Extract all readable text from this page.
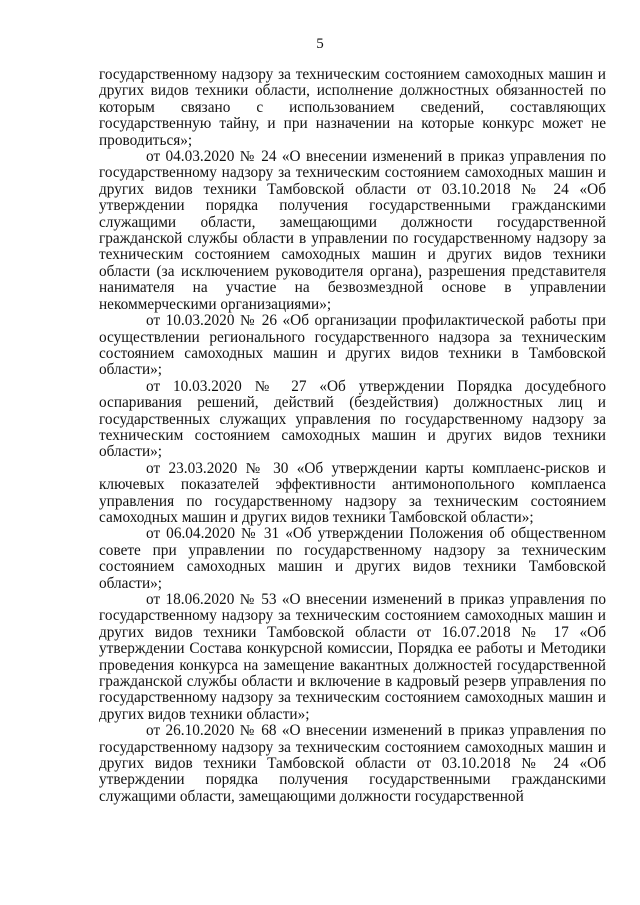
5

государственному надзору за техническим состоянием самоходных машин и других видов техники области, исполнение должностных обязанностей по которым связано с использованием сведений, составляющих государственную тайну, и при назначении на которые конкурс может не проводиться»;

от 04.03.2020 № 24 «О внесении изменений в приказ управления по государственному надзору за техническим состоянием самоходных машин и других видов техники Тамбовской области от 03.10.2018 № 24 «Об утверждении порядка получения государственными гражданскими служащими области, замещающими должности государственной гражданской службы области в управлении по государственному надзору за техническим состоянием самоходных машин и других видов техники области (за исключением руководителя органа), разрешения представителя нанимателя на участие на безвозмездной основе в управлении некоммерческими организациями»;

от 10.03.2020 № 26 «Об организации профилактической работы при осуществлении регионального государственного надзора за техническим состоянием самоходных машин и других видов техники в Тамбовской области»;

от 10.03.2020 № 27 «Об утверждении Порядка досудебного оспаривания решений, действий (бездействия) должностных лиц и государственных служащих управления по государственному надзору за техническим состоянием самоходных машин и других видов техники области»;

от 23.03.2020 № 30 «Об утверждении карты комплаенс-рисков и ключевых показателей эффективности антимонопольного комплаенса управления по государственному надзору за техническим состоянием самоходных машин и других видов техники Тамбовской области»;

от 06.04.2020 № 31 «Об утверждении Положения об общественном совете при управлении по государственному надзору за техническим состоянием самоходных машин и других видов техники Тамбовской области»;

от 18.06.2020 № 53 «О внесении изменений в приказ управления по государственному надзору за техническим состоянием самоходных машин и других видов техники Тамбовской области от 16.07.2018 № 17 «Об утверждении Состава конкурсной комиссии, Порядка ее работы и Методики проведения конкурса на замещение вакантных должностей государственной гражданской службы области и включение в кадровый резерв управления по государственному надзору за техническим состоянием самоходных машин и других видов техники области»;

от 26.10.2020 № 68 «О внесении изменений в приказ управления по государственному надзору за техническим состоянием самоходных машин и других видов техники Тамбовской области от 03.10.2018 № 24 «Об утверждении порядка получения государственными гражданскими служащими области, замещающими должности государственной
